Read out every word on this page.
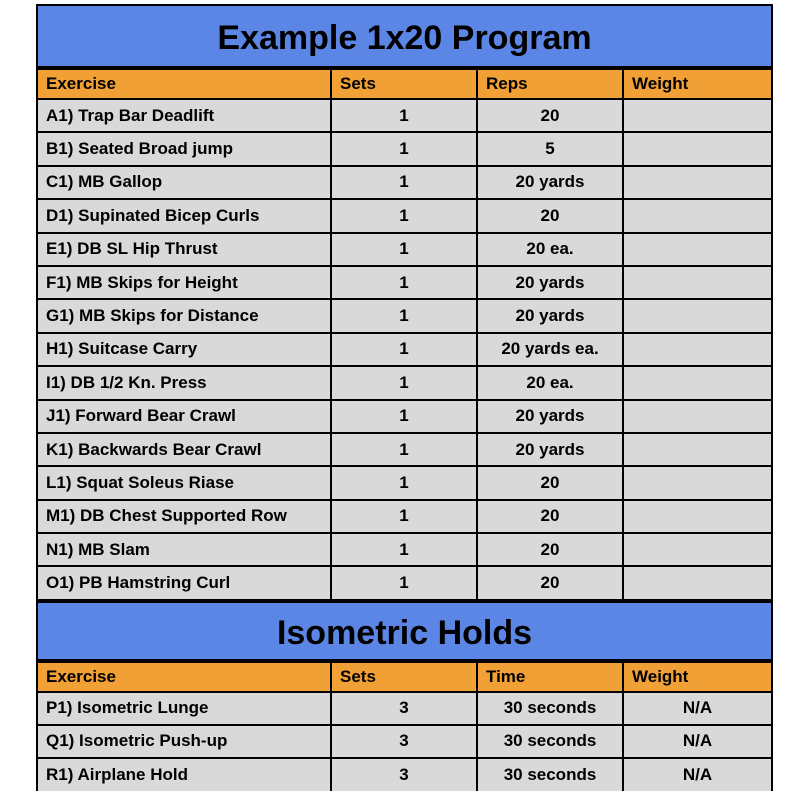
Example 1x20 Program
Exercise	Sets	Reps	Weight
A1) Trap Bar Deadlift	1	20	
B1) Seated Broad jump	1	5	
C1) MB Gallop	1	20 yards	
D1) Supinated Bicep Curls	1	20	
E1) DB SL Hip Thrust	1	20 ea.	
F1) MB Skips for Height	1	20 yards	
G1) MB Skips for Distance	1	20 yards	
H1) Suitcase Carry	1	20 yards ea.	
I1) DB 1/2 Kn. Press	1	20 ea.	
J1) Forward Bear Crawl	1	20 yards	
K1) Backwards Bear Crawl	1	20 yards	
L1) Squat Soleus Riase	1	20	
M1) DB Chest Supported Row	1	20	
N1) MB Slam	1	20	
O1) PB Hamstring Curl	1	20	
Isometric Holds
Exercise	Sets	Time	Weight
P1) Isometric Lunge	3	30 seconds	N/A
Q1) Isometric Push-up	3	30 seconds	N/A
R1) Airplane Hold	3	30 seconds	N/A
